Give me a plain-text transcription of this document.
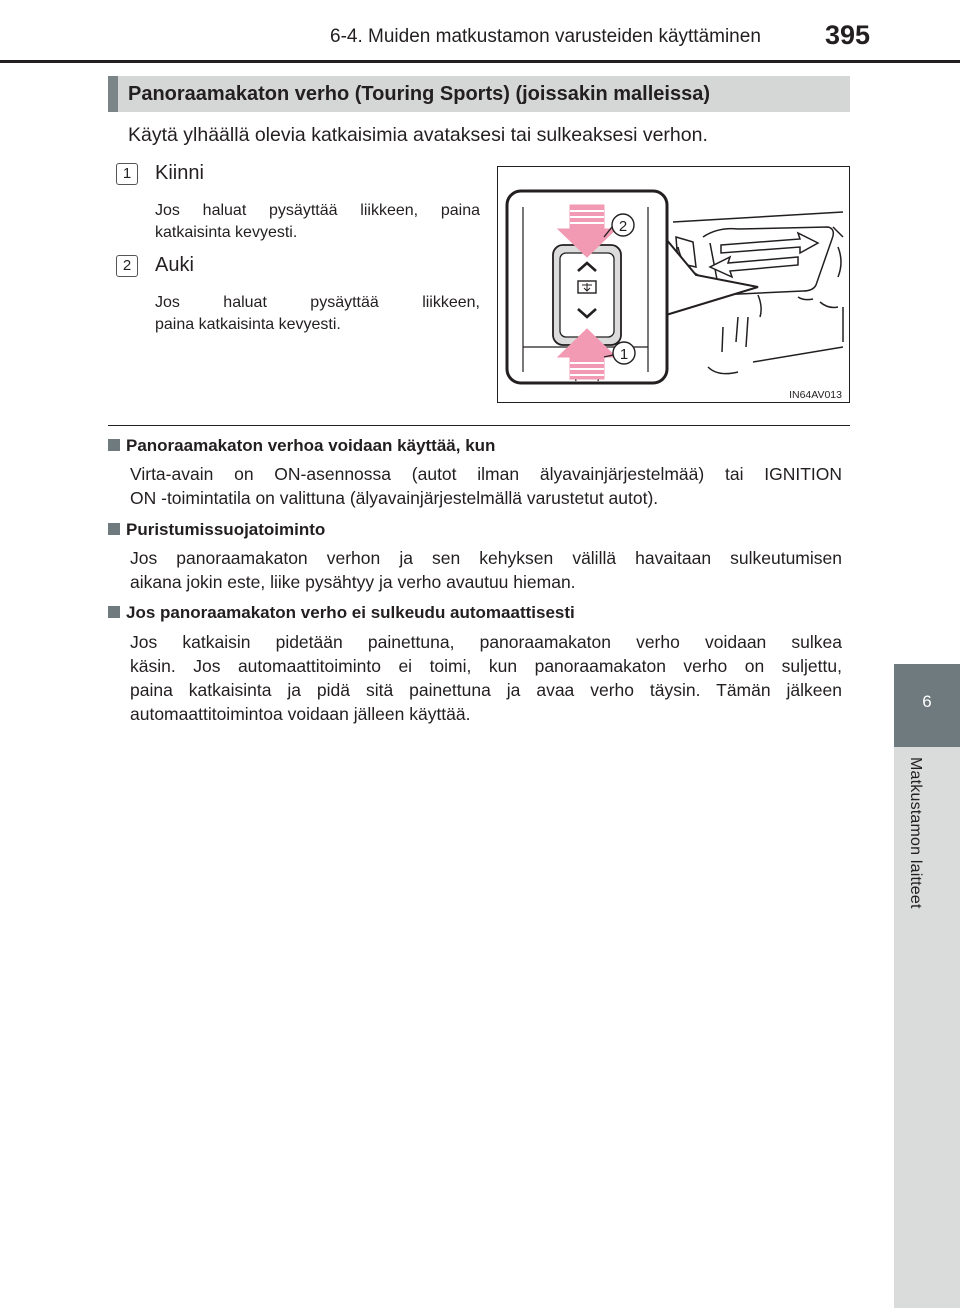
6-4. Muiden matkustamon varusteiden käyttäminen 395
6
Matkustamon laitteet
Panoraamakaton verho (Touring Sports) (joissakin malleissa)
Käytä ylhäällä olevia katkaisimia avataksesi tai sulkeaksesi verhon.
1	Kiinni
Jos haluat pysäyttää liikkeen, paina
katkaisinta kevyesti.
2	Auki
Jos haluat pysäyttää liikkeen,
paina katkaisinta kevyesti.
2
1
IN64AV013
Panoraamakaton verhoa voidaan käyttää, kun
Virta-avain on ON-asennossa (autot ilman älyavainjärjestelmää) tai IGNITION
ON -toimintatila on valittuna (älyavainjärjestelmällä varustetut autot).
Puristumissuojatoiminto
Jos panoraamakaton verhon ja sen kehyksen välillä havaitaan sulkeutumisen
aikana jokin este, liike pysähtyy ja verho avautuu hieman.
Jos panoraamakaton verho ei sulkeudu automaattisesti
Jos katkaisin pidetään painettuna, panoraamakaton verho voidaan sulkea
käsin. Jos automaattitoiminto ei toimi, kun panoraamakaton verho on suljettu,
paina katkaisinta ja pidä sitä painettuna ja avaa verho täysin. Tämän jälkeen
automaattitoimintoa voidaan jälleen käyttää.
